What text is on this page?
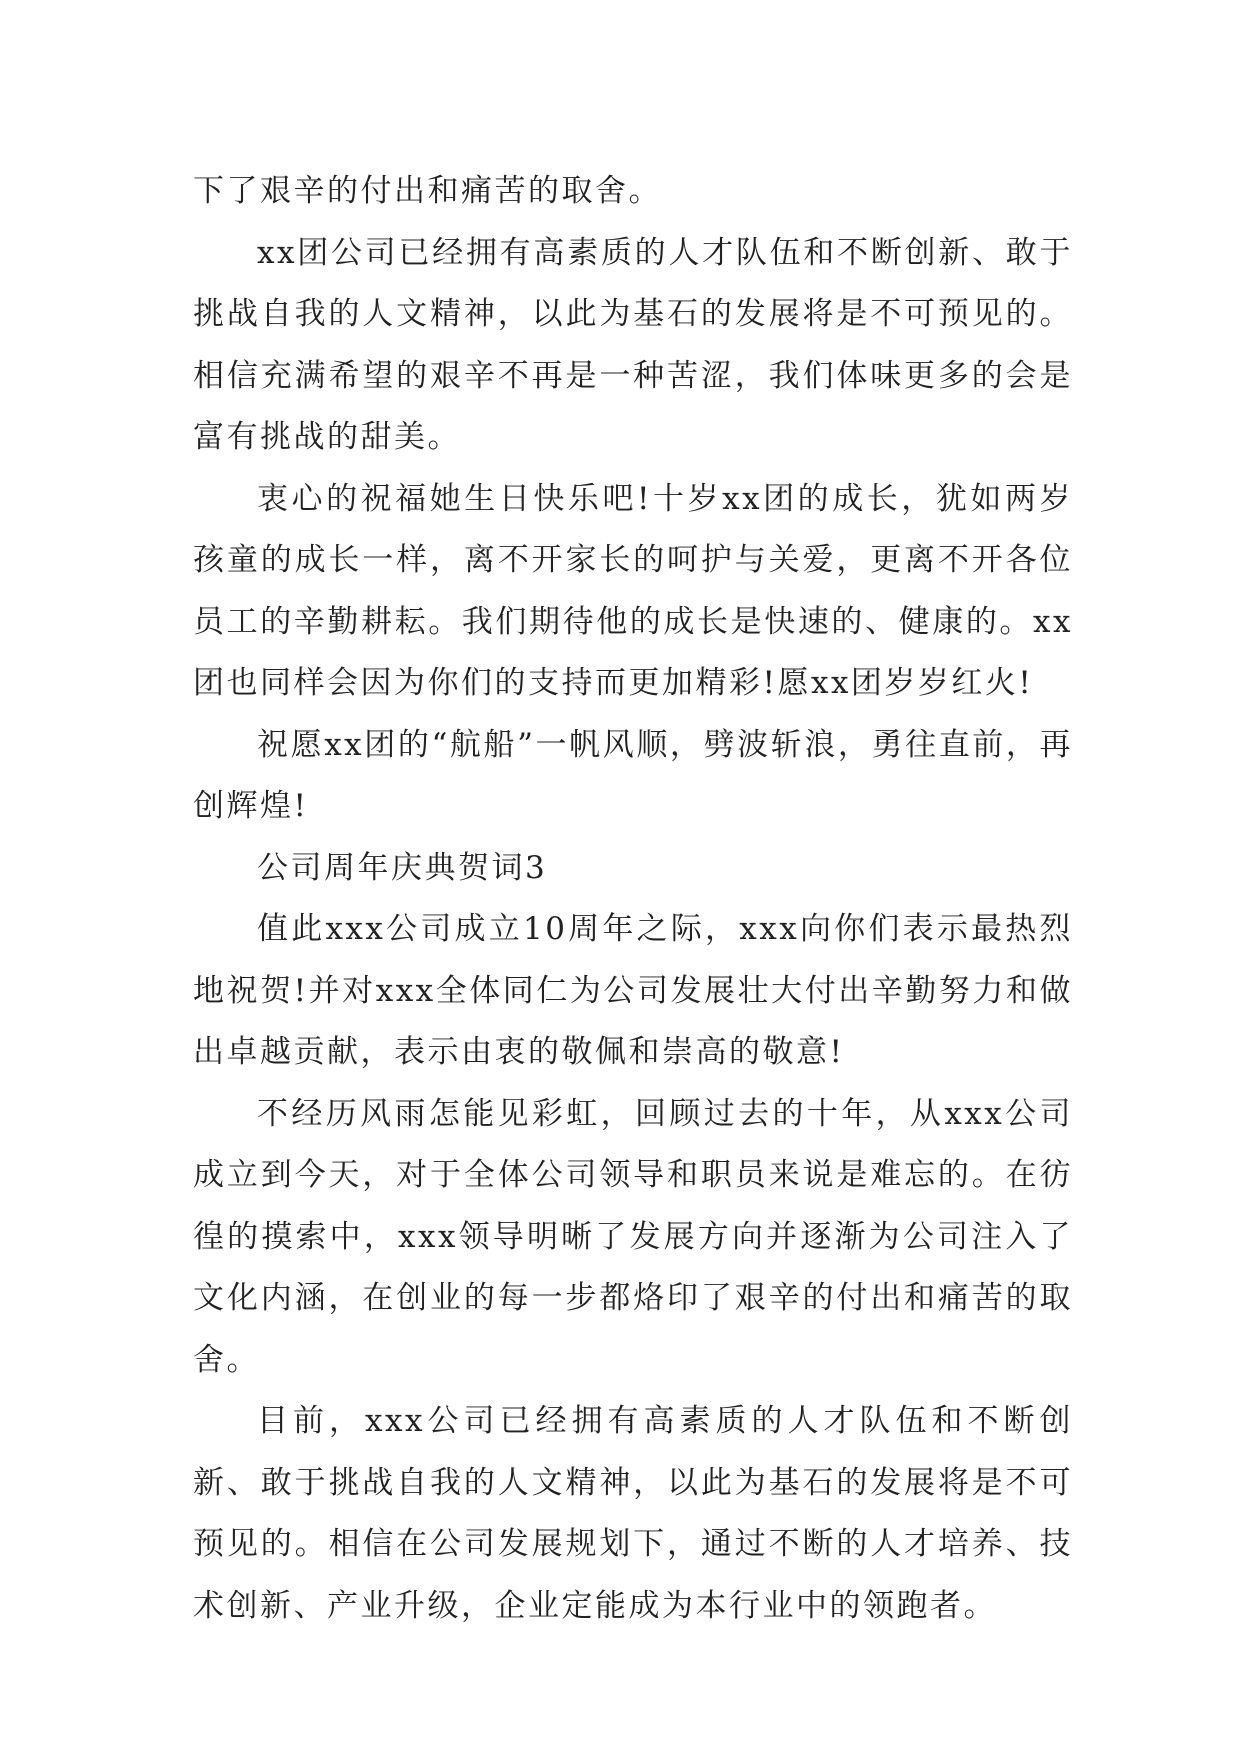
下了艰辛的付出和痛苦的取舍。

xx团公司已经拥有高素质的人才队伍和不断创新、敢于挑战自我的人文精神，以此为基石的发展将是不可预见的。相信充满希望的艰辛不再是一种苦涩，我们体味更多的会是富有挑战的甜美。

衷心的祝福她生日快乐吧!十岁xx团的成长，犹如两岁孩童的成长一样，离不开家长的呵护与关爱，更离不开各位员工的辛勤耕耘。我们期待他的成长是快速的、健康的。xx团也同样会因为你们的支持而更加精彩!愿xx团岁岁红火!

祝愿xx团的“航船”一帆风顺，劈波斩浪，勇往直前，再创辉煌!

公司周年庆典贺词3

值此xxx公司成立10周年之际，xxx向你们表示最热烈地祝贺!并对xxx全体同仁为公司发展壮大付出辛勤努力和做出卓越贡献，表示由衷的敬佩和崇高的敬意!

不经历风雨怎能见彩虹，回顾过去的十年，从xxx公司成立到今天，对于全体公司领导和职员来说是难忘的。在彷徨的摸索中，xxx领导明晰了发展方向并逐渐为公司注入了文化内涵，在创业的每一步都烙印了艰辛的付出和痛苦的取舍。

目前，xxx公司已经拥有高素质的人才队伍和不断创新、敢于挑战自我的人文精神，以此为基石的发展将是不可预见的。相信在公司发展规划下，通过不断的人才培养、技术创新、产业升级，企业定能成为本行业中的领跑者。
